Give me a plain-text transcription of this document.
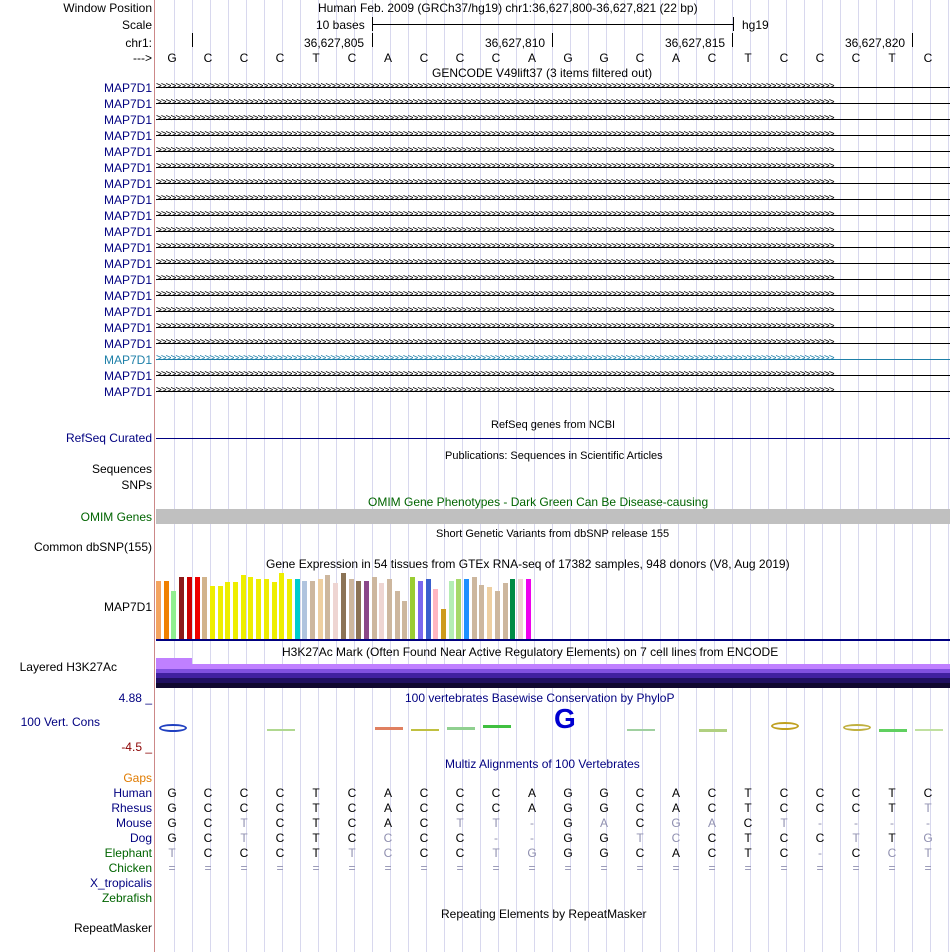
Window Position
Scale
chr1:
--->
Human Feb. 2009 (GRCh37/hg19) chr1:36,627,800-36,627,821 (22 bp)
10 bases	hg19
36,627,805	36,627,810	36,627,815	36,627,820
G	C	C	C	T	C	A	C	C	C	A	G	G	C	A	C	T	C	C	C	T	C
GENCODE V49lift37 (3 items filtered out)
MAP7D1 >>>>>>>>>>>>>>>>>>>>>>>>>>>>>>>>>>>>>>>>>>>>>>>>>>>>>>>>>>>>>>>>>>>>>>>>>>>>>>>>>>>>>>>>>>>>>>>>>>>>>>>>>>>>>>>>>>>>>>>>>>>>>>>>>>>>>>>>>>>>
MAP7D1 >>>>>>>>>>>>>>>>>>>>>>>>>>>>>>>>>>>>>>>>>>>>>>>>>>>>>>>>>>>>>>>>>>>>>>>>>>>>>>>>>>>>>>>>>>>>>>>>>>>>>>>>>>>>>>>>>>>>>>>>>>>>>>>>>>>>>>>>>>>>
MAP7D1 >>>>>>>>>>>>>>>>>>>>>>>>>>>>>>>>>>>>>>>>>>>>>>>>>>>>>>>>>>>>>>>>>>>>>>>>>>>>>>>>>>>>>>>>>>>>>>>>>>>>>>>>>>>>>>>>>>>>>>>>>>>>>>>>>>>>>>>>>>>>
MAP7D1 >>>>>>>>>>>>>>>>>>>>>>>>>>>>>>>>>>>>>>>>>>>>>>>>>>>>>>>>>>>>>>>>>>>>>>>>>>>>>>>>>>>>>>>>>>>>>>>>>>>>>>>>>>>>>>>>>>>>>>>>>>>>>>>>>>>>>>>>>>>>
MAP7D1 >>>>>>>>>>>>>>>>>>>>>>>>>>>>>>>>>>>>>>>>>>>>>>>>>>>>>>>>>>>>>>>>>>>>>>>>>>>>>>>>>>>>>>>>>>>>>>>>>>>>>>>>>>>>>>>>>>>>>>>>>>>>>>>>>>>>>>>>>>>>
MAP7D1 >>>>>>>>>>>>>>>>>>>>>>>>>>>>>>>>>>>>>>>>>>>>>>>>>>>>>>>>>>>>>>>>>>>>>>>>>>>>>>>>>>>>>>>>>>>>>>>>>>>>>>>>>>>>>>>>>>>>>>>>>>>>>>>>>>>>>>>>>>>>
MAP7D1 >>>>>>>>>>>>>>>>>>>>>>>>>>>>>>>>>>>>>>>>>>>>>>>>>>>>>>>>>>>>>>>>>>>>>>>>>>>>>>>>>>>>>>>>>>>>>>>>>>>>>>>>>>>>>>>>>>>>>>>>>>>>>>>>>>>>>>>>>>>>
MAP7D1 >>>>>>>>>>>>>>>>>>>>>>>>>>>>>>>>>>>>>>>>>>>>>>>>>>>>>>>>>>>>>>>>>>>>>>>>>>>>>>>>>>>>>>>>>>>>>>>>>>>>>>>>>>>>>>>>>>>>>>>>>>>>>>>>>>>>>>>>>>>>
MAP7D1 >>>>>>>>>>>>>>>>>>>>>>>>>>>>>>>>>>>>>>>>>>>>>>>>>>>>>>>>>>>>>>>>>>>>>>>>>>>>>>>>>>>>>>>>>>>>>>>>>>>>>>>>>>>>>>>>>>>>>>>>>>>>>>>>>>>>>>>>>>>>
MAP7D1 >>>>>>>>>>>>>>>>>>>>>>>>>>>>>>>>>>>>>>>>>>>>>>>>>>>>>>>>>>>>>>>>>>>>>>>>>>>>>>>>>>>>>>>>>>>>>>>>>>>>>>>>>>>>>>>>>>>>>>>>>>>>>>>>>>>>>>>>>>>>
MAP7D1 >>>>>>>>>>>>>>>>>>>>>>>>>>>>>>>>>>>>>>>>>>>>>>>>>>>>>>>>>>>>>>>>>>>>>>>>>>>>>>>>>>>>>>>>>>>>>>>>>>>>>>>>>>>>>>>>>>>>>>>>>>>>>>>>>>>>>>>>>>>>
MAP7D1 >>>>>>>>>>>>>>>>>>>>>>>>>>>>>>>>>>>>>>>>>>>>>>>>>>>>>>>>>>>>>>>>>>>>>>>>>>>>>>>>>>>>>>>>>>>>>>>>>>>>>>>>>>>>>>>>>>>>>>>>>>>>>>>>>>>>>>>>>>>>
MAP7D1 >>>>>>>>>>>>>>>>>>>>>>>>>>>>>>>>>>>>>>>>>>>>>>>>>>>>>>>>>>>>>>>>>>>>>>>>>>>>>>>>>>>>>>>>>>>>>>>>>>>>>>>>>>>>>>>>>>>>>>>>>>>>>>>>>>>>>>>>>>>>
MAP7D1 >>>>>>>>>>>>>>>>>>>>>>>>>>>>>>>>>>>>>>>>>>>>>>>>>>>>>>>>>>>>>>>>>>>>>>>>>>>>>>>>>>>>>>>>>>>>>>>>>>>>>>>>>>>>>>>>>>>>>>>>>>>>>>>>>>>>>>>>>>>>
MAP7D1 >>>>>>>>>>>>>>>>>>>>>>>>>>>>>>>>>>>>>>>>>>>>>>>>>>>>>>>>>>>>>>>>>>>>>>>>>>>>>>>>>>>>>>>>>>>>>>>>>>>>>>>>>>>>>>>>>>>>>>>>>>>>>>>>>>>>>>>>>>>>
MAP7D1 >>>>>>>>>>>>>>>>>>>>>>>>>>>>>>>>>>>>>>>>>>>>>>>>>>>>>>>>>>>>>>>>>>>>>>>>>>>>>>>>>>>>>>>>>>>>>>>>>>>>>>>>>>>>>>>>>>>>>>>>>>>>>>>>>>>>>>>>>>>>
MAP7D1 >>>>>>>>>>>>>>>>>>>>>>>>>>>>>>>>>>>>>>>>>>>>>>>>>>>>>>>>>>>>>>>>>>>>>>>>>>>>>>>>>>>>>>>>>>>>>>>>>>>>>>>>>>>>>>>>>>>>>>>>>>>>>>>>>>>>>>>>>>>>
MAP7D1 >>>>>>>>>>>>>>>>>>>>>>>>>>>>>>>>>>>>>>>>>>>>>>>>>>>>>>>>>>>>>>>>>>>>>>>>>>>>>>>>>>>>>>>>>>>>>>>>>>>>>>>>>>>>>>>>>>>>>>>>>>>>>>>>>>>>>>>>>>>>
MAP7D1 >>>>>>>>>>>>>>>>>>>>>>>>>>>>>>>>>>>>>>>>>>>>>>>>>>>>>>>>>>>>>>>>>>>>>>>>>>>>>>>>>>>>>>>>>>>>>>>>>>>>>>>>>>>>>>>>>>>>>>>>>>>>>>>>>>>>>>>>>>>>
MAP7D1 >>>>>>>>>>>>>>>>>>>>>>>>>>>>>>>>>>>>>>>>>>>>>>>>>>>>>>>>>>>>>>>>>>>>>>>>>>>>>>>>>>>>>>>>>>>>>>>>>>>>>>>>>>>>>>>>>>>>>>>>>>>>>>>>>>>>>>>>>>>>
RefSeq genes from NCBI
RefSeq Curated
Publications: Sequences in Scientific Articles
Sequences
SNPs
OMIM Gene Phenotypes - Dark Green Can Be Disease-causing
OMIM Genes
Short Genetic Variants from dbSNP release 155
Common dbSNP(155)
Gene Expression in 54 tissues from GTEx RNA-seq of 17382 samples, 948 donors (V8, Aug 2019)
MAP7D1
H3K27Ac Mark (Often Found Near Active Regulatory Elements) on 7 cell lines from ENCODE
Layered H3K27Ac
100 vertebrates Basewise Conservation by PhyloP
4.88 _
100 Vert. Cons
-4.5 _
G
Multiz Alignments of 100 Vertebrates
Gaps
Human	G	C	C	C	T	C	A	C	C	C	A	G	G	C	A	C	T	C	C	C	T	C
Rhesus	G	C	C	C	T	C	A	C	C	C	A	G	G	C	A	C	T	C	C	C	T	T
Mouse	G	C	T	C	T	C	A	C	T	T	-	G	A	C	G	A	C	T	-	-	-	-
Dog	G	C	T	C	T	C	C	C	C	-	-	G	G	T	C	C	T	C	C	T	T	G
Elephant	T	C	C	C	T	T	C	C	C	T	G	G	G	C	A	C	T	C	-	C	C	T
Chicken	=	=	=	=	=	=	=	=	=	=	=	=	=	=	=	=	=	=	=	=	=	=
X_tropicalis
Zebrafish
Repeating Elements by RepeatMasker
RepeatMasker
